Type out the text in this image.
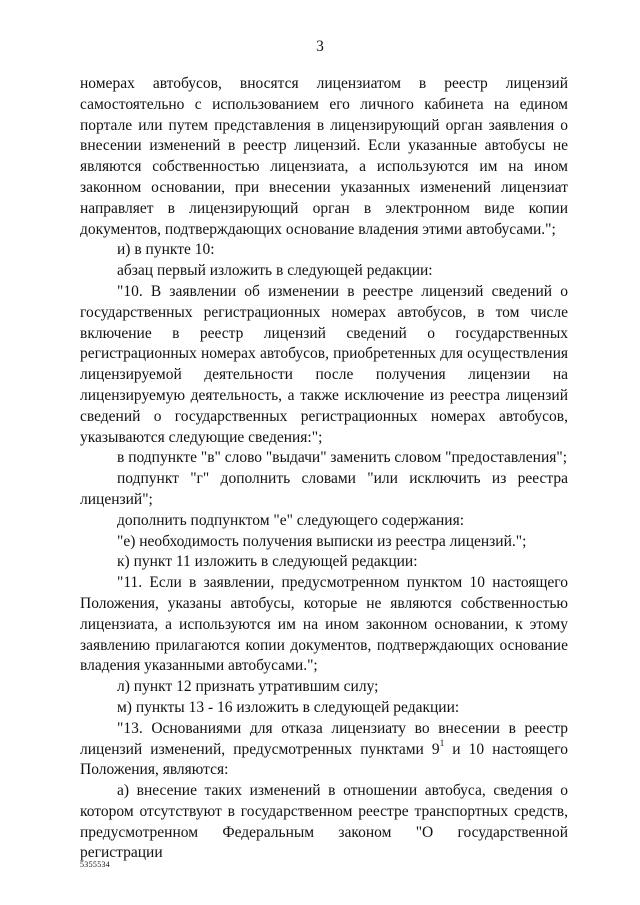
3

номерах автобусов, вносятся лицензиатом в реестр лицензий самостоятельно с использованием его личного кабинета на едином портале или путем представления в лицензирующий орган заявления о внесении изменений в реестр лицензий. Если указанные автобусы не являются собственностью лицензиата, а используются им на ином законном основании, при внесении указанных изменений лицензиат направляет в лицензирующий орган в электронном виде копии документов, подтверждающих основание владения этими автобусами.";

и) в пункте 10:

абзац первый изложить в следующей редакции:

"10. В заявлении об изменении в реестре лицензий сведений о государственных регистрационных номерах автобусов, в том числе включение в реестр лицензий сведений о государственных регистрационных номерах автобусов, приобретенных для осуществления лицензируемой деятельности после получения лицензии на лицензируемую деятельность, а также исключение из реестра лицензий сведений о государственных регистрационных номерах автобусов, указываются следующие сведения:";

в подпункте "в" слово "выдачи" заменить словом "предоставления";

подпункт "г" дополнить словами "или исключить из реестра лицензий";

дополнить подпунктом "е" следующего содержания:

"е) необходимость получения выписки из реестра лицензий.";

к) пункт 11 изложить в следующей редакции:

"11. Если в заявлении, предусмотренном пунктом 10 настоящего Положения, указаны автобусы, которые не являются собственностью лицензиата, а используются им на ином законном основании, к этому заявлению прилагаются копии документов, подтверждающих основание владения указанными автобусами.";

л) пункт 12 признать утратившим силу;

м) пункты 13 - 16 изложить в следующей редакции:

"13. Основаниями для отказа лицензиату во внесении в реестр лицензий изменений, предусмотренных пунктами $9^1$ и 10 настоящего Положения, являются:

а) внесение таких изменений в отношении автобуса, сведения о котором отсутствуют в государственном реестре транспортных средств, предусмотренном Федеральным законом "О государственной регистрации

5355534
